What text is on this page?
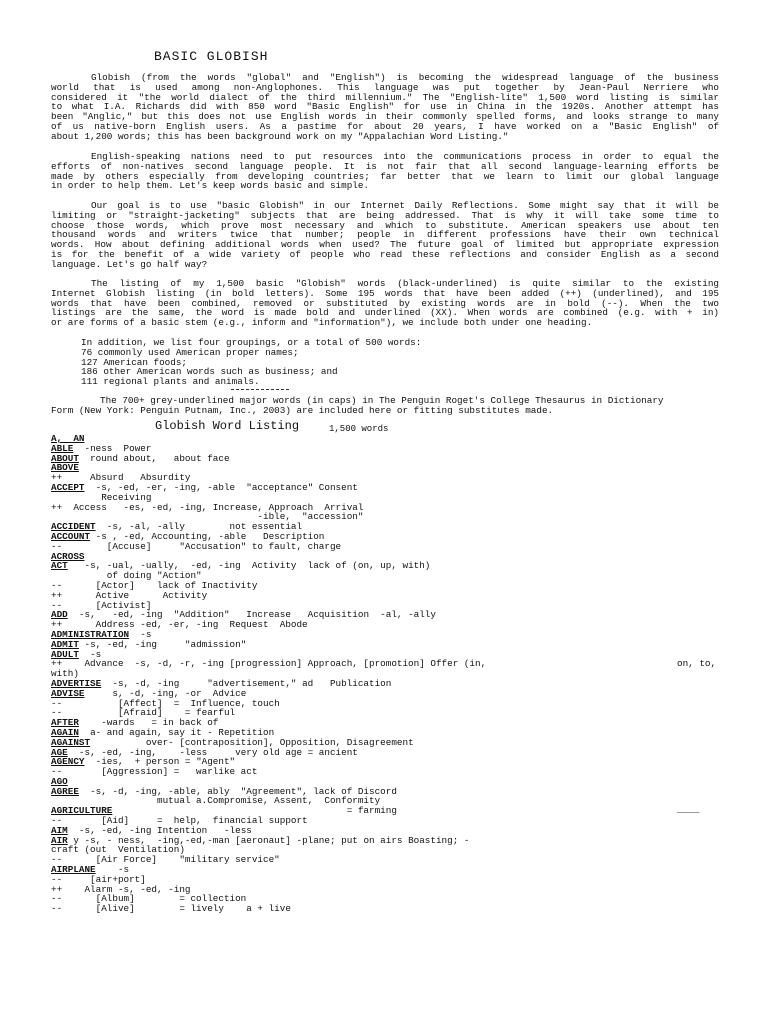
BASIC GLOBISH
Globish (from the words "global" and "English") is becoming the widespread language of the business
world that is used among non-Anglophones. This language was put together by Jean-Paul Nerriere who
considered it "the world dialect of the third millennium." The "English-lite" 1,500 word listing is similar
to what I.A. Richards did with 850 word "Basic English" for use in China in the 1920s. Another attempt has
been "Anglic," but this does not use English words in their commonly spelled forms, and looks strange to many
of us native-born English users. As a pastime for about 20 years, I have worked on a "Basic English" of
about 1,200 words; this has been background work on my "Appalachian Word Listing."
English-speaking nations need to put resources into the communications process in order to equal the
efforts of non-natives second language people. It is not fair that all second language-learning efforts be
made by others especially from developing countries; far better that we learn to limit our global language
in order to help them. Let's keep words basic and simple.
Our goal is to use "basic Globish" in our Internet Daily Reflections. Some might say that it will be
limiting or "straight-jacketing" subjects that are being addressed. That is why it will take some time to
choose those words, which prove most necessary and which to substitute. American speakers use about ten
thousand words and writers twice that number; people in different professions have their own technical
words. How about defining additional words when used? The future goal of limited but appropriate expression
is for the benefit of a wide variety of people who read these reflections and consider English as a second
language. Let's go half way?
The listing of my 1,500 basic "Globish" words (black-underlined) is quite similar to the existing
Internet Globish listing (in bold letters). Some 195 words that have been added (++) (underlined), and 195
words that have been combined, removed or substituted by existing words are in bold (--). When the two
listings are the same, the word is made bold and underlined (XX). When words are combined (e.g. with + in)
or are forms of a basic stem (e.g., inform and "information"), we include both under one heading.
In addition, we list four groupings, or a total of 500 words:
76 commonly used American proper names;
127 American foods;
186 other American words such as business; and
111 regional plants and animals.
The 700+ grey-underlined major words (in caps) in The Penguin Roget's College Thesaurus in Dictionary
Form (New York: Penguin Putnam, Inc., 2003) are included here or fitting substitutes made.
Globish Word Listing	1,500 words
A,  AN
ABLE  -ness  Power
ABOUT  round about,   about face
ABOVE
++     Absurd   Absurdity
ACCEPT  -s, -ed, -er, -ing, -able  "acceptance" Consent
Receiving
++  Access   -es, -ed, -ing, Increase, Approach  Arrival
-ible,  "accession"
ACCIDENT  -s, -al, -ally        not essential
ACCOUNT -s , -ed, Accounting, -able   Description
--        [Accuse]     "Accusation" to fault, charge
ACROSS
ACT   -s, -ual, -ually,  -ed, -ing  Activity  lack of (on, up, with)
of doing "Action"
--      [Actor]    lack of Inactivity
++      Active      Activity
--      [Activist]
ADD  -s,   -ed, -ing  "Addition"   Increase   Acquisition  -al, -ally
++      Address -ed, -er, -ing  Request  Abode
ADMINISTRATION  -s
ADMIT -s, -ed, -ing     "admission"
ADULT  -s
++    Advance  -s, -d, -r, -ing [progression] Approach, [promotion] Offer (in,
with)
ADVERTISE  -s, -d, -ing     "advertisement," ad   Publication
ADVISE     s, -d, -ing, -or  Advice
--          [Affect]  =  Influence, touch
--          [Afraid]    = fearful
AFTER    -wards   = in back of
AGAIN  a- and again, say it - Repetition
AGAINST          over- [contraposition], Opposition, Disagreement
AGE  -s, -ed, -ing,    -less     very old age = ancient
AGENCY  -ies,  + person = "Agent"
--       [Aggression] =   warlike act
AGO
AGREE  -s, -d, -ing, -able, ably  "Agreement", lack of Discord
mutual a.Compromise, Assent,  Conformity
AGRICULTURE                                          = farming
--       [Aid]     =  help,  financial support
AIM  -s, -ed, -ing Intention   -less
AIR y -s, - ness,  -ing,-ed,-man [aeronaut] -plane; put on airs Boasting; -
craft (out  Ventilation)
--      [Air Force]    "military service"
AIRPLANE    -s
--     [air+port]
++    Alarm -s, -ed, -ing
--      [Album]        = collection
--      [Alive]        = lively    a + live
on, to,
____
